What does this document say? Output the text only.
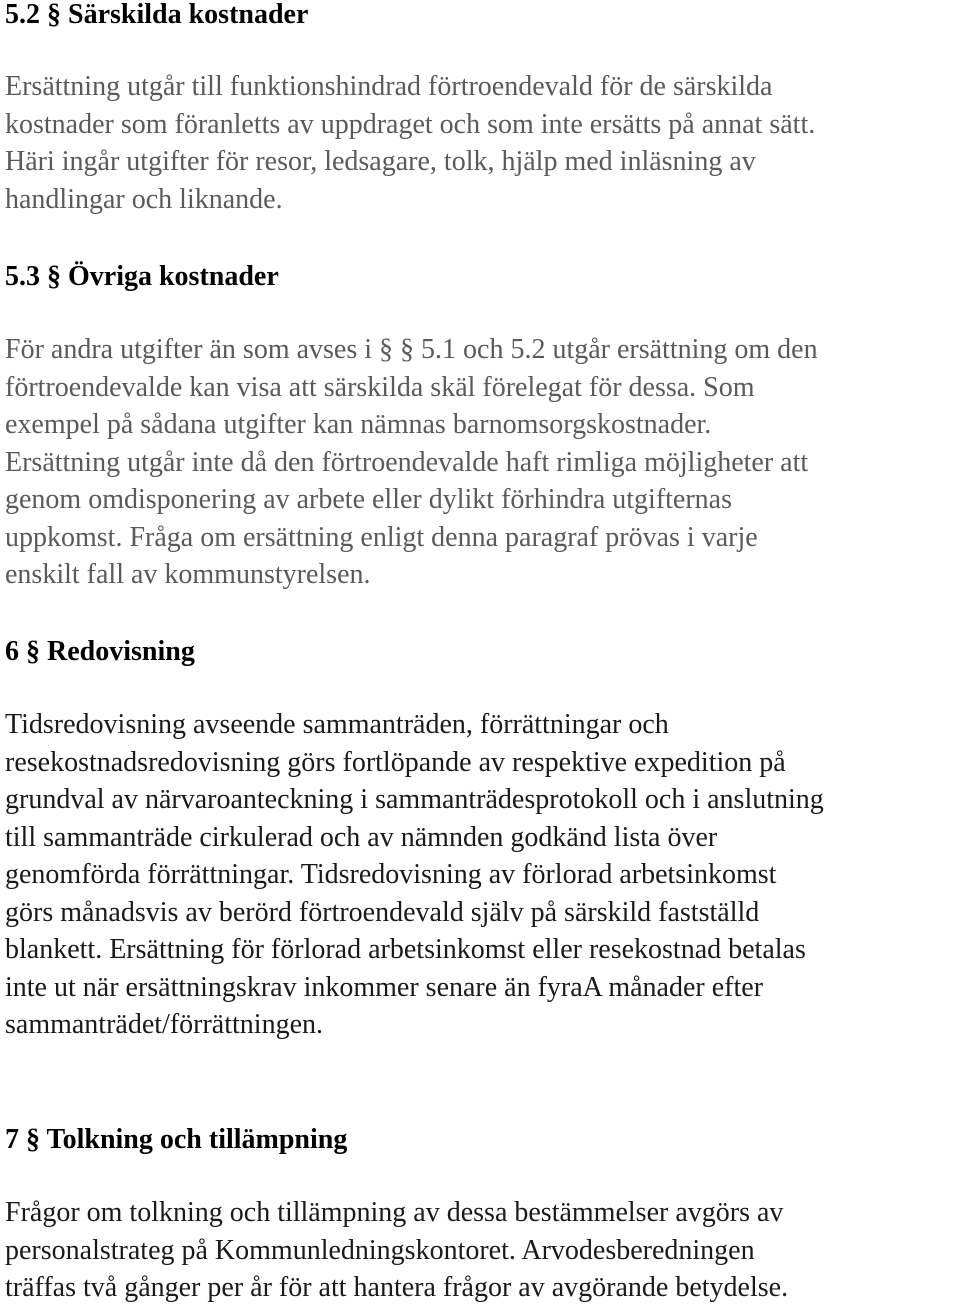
5.2 § Särskilda kostnader
Ersättning utgår till funktionshindrad förtroendevald för de särskilda
kostnader som föranletts av uppdraget och som inte ersätts på annat sätt.
Häri ingår utgifter för resor, ledsagare, tolk, hjälp med inläsning av
handlingar och liknande.
5.3 § Övriga kostnader
För andra utgifter än som avses i § § 5.1 och 5.2 utgår ersättning om den
förtroendevalde kan visa att särskilda skäl förelegat för dessa. Som
exempel på sådana utgifter kan nämnas barnomsorgskostnader.
Ersättning utgår inte då den förtroendevalde haft rimliga möjligheter att
genom omdisponering av arbete eller dylikt förhindra utgifternas
uppkomst. Fråga om ersättning enligt denna paragraf prövas i varje
enskilt fall av kommunstyrelsen.
6 § Redovisning
Tidsredovisning avseende sammanträden, förrättningar och
resekostnadsredovisning görs fortlöpande av respektive expedition på
grundval av närvaroanteckning i sammanträdesprotokoll och i anslutning
till sammanträde cirkulerad och av nämnden godkänd lista över
genomförda förrättningar. Tidsredovisning av förlorad arbetsinkomst
görs månadsvis av berörd förtroendevald själv på särskild fastställd
blankett. Ersättning för förlorad arbetsinkomst eller resekostnad betalas
inte ut när ersättningskrav inkommer senare än fyraA månader efter
sammanträdet/förrättningen.
7 § Tolkning och tillämpning
Frågor om tolkning och tillämpning av dessa bestämmelser avgörs av
personalstrateg på Kommunledningskontoret. Arvodesberedningen
träffas två gånger per år för att hantera frågor av avgörande betydelse.
